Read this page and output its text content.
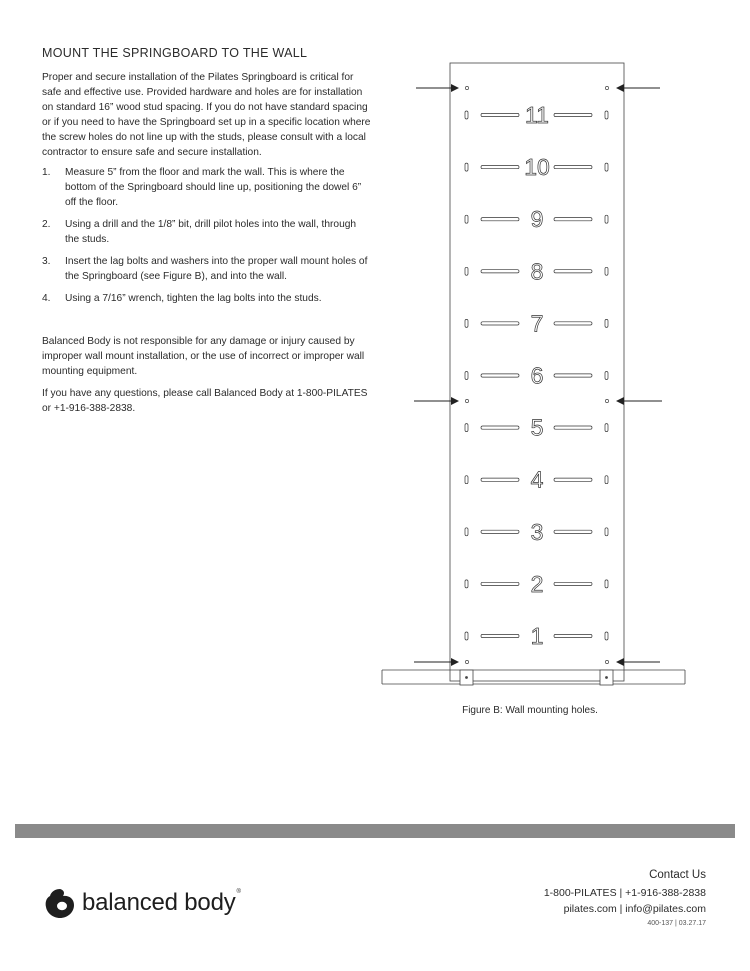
MOUNT THE SPRINGBOARD TO THE WALL

Proper and secure installation of the Pilates Springboard is critical for safe and effective use. Provided hardware and holes are for installation on standard 16” wood stud spacing. If you do not have standard spacing or if you need to have the Springboard set up in a specific location where the screw holes do not line up with the studs, please consult with a local contractor to ensure safe and secure installation.

1.	Measure 5” from the floor and mark the wall. This is where the bottom of the Springboard should line up, positioning the dowel 6” off the floor.
2.	Using a drill and the 1/8” bit, drill pilot holes into the wall, through the studs.
3.	Insert the lag bolts and washers into the proper wall mount holes of the Springboard (see Figure B), and into the wall.
4.	Using a 7/16” wrench, tighten the lag bolts into the studs.

Balanced Body is not responsible for any damage or injury caused by improper wall mount installation, or the use of incorrect or improper wall mounting equipment.

If you have any questions, please call Balanced Body at 1-800-PILATES or +1-916-388-2838.

11
10
9
8
7
6
5
4
3
2
1
Figure B: Wall mounting holes.
balanced body®
Contact Us
1-800-PILATES | +1-916-388-2838
pilates.com | info@pilates.com
400-137 | 03.27.17
